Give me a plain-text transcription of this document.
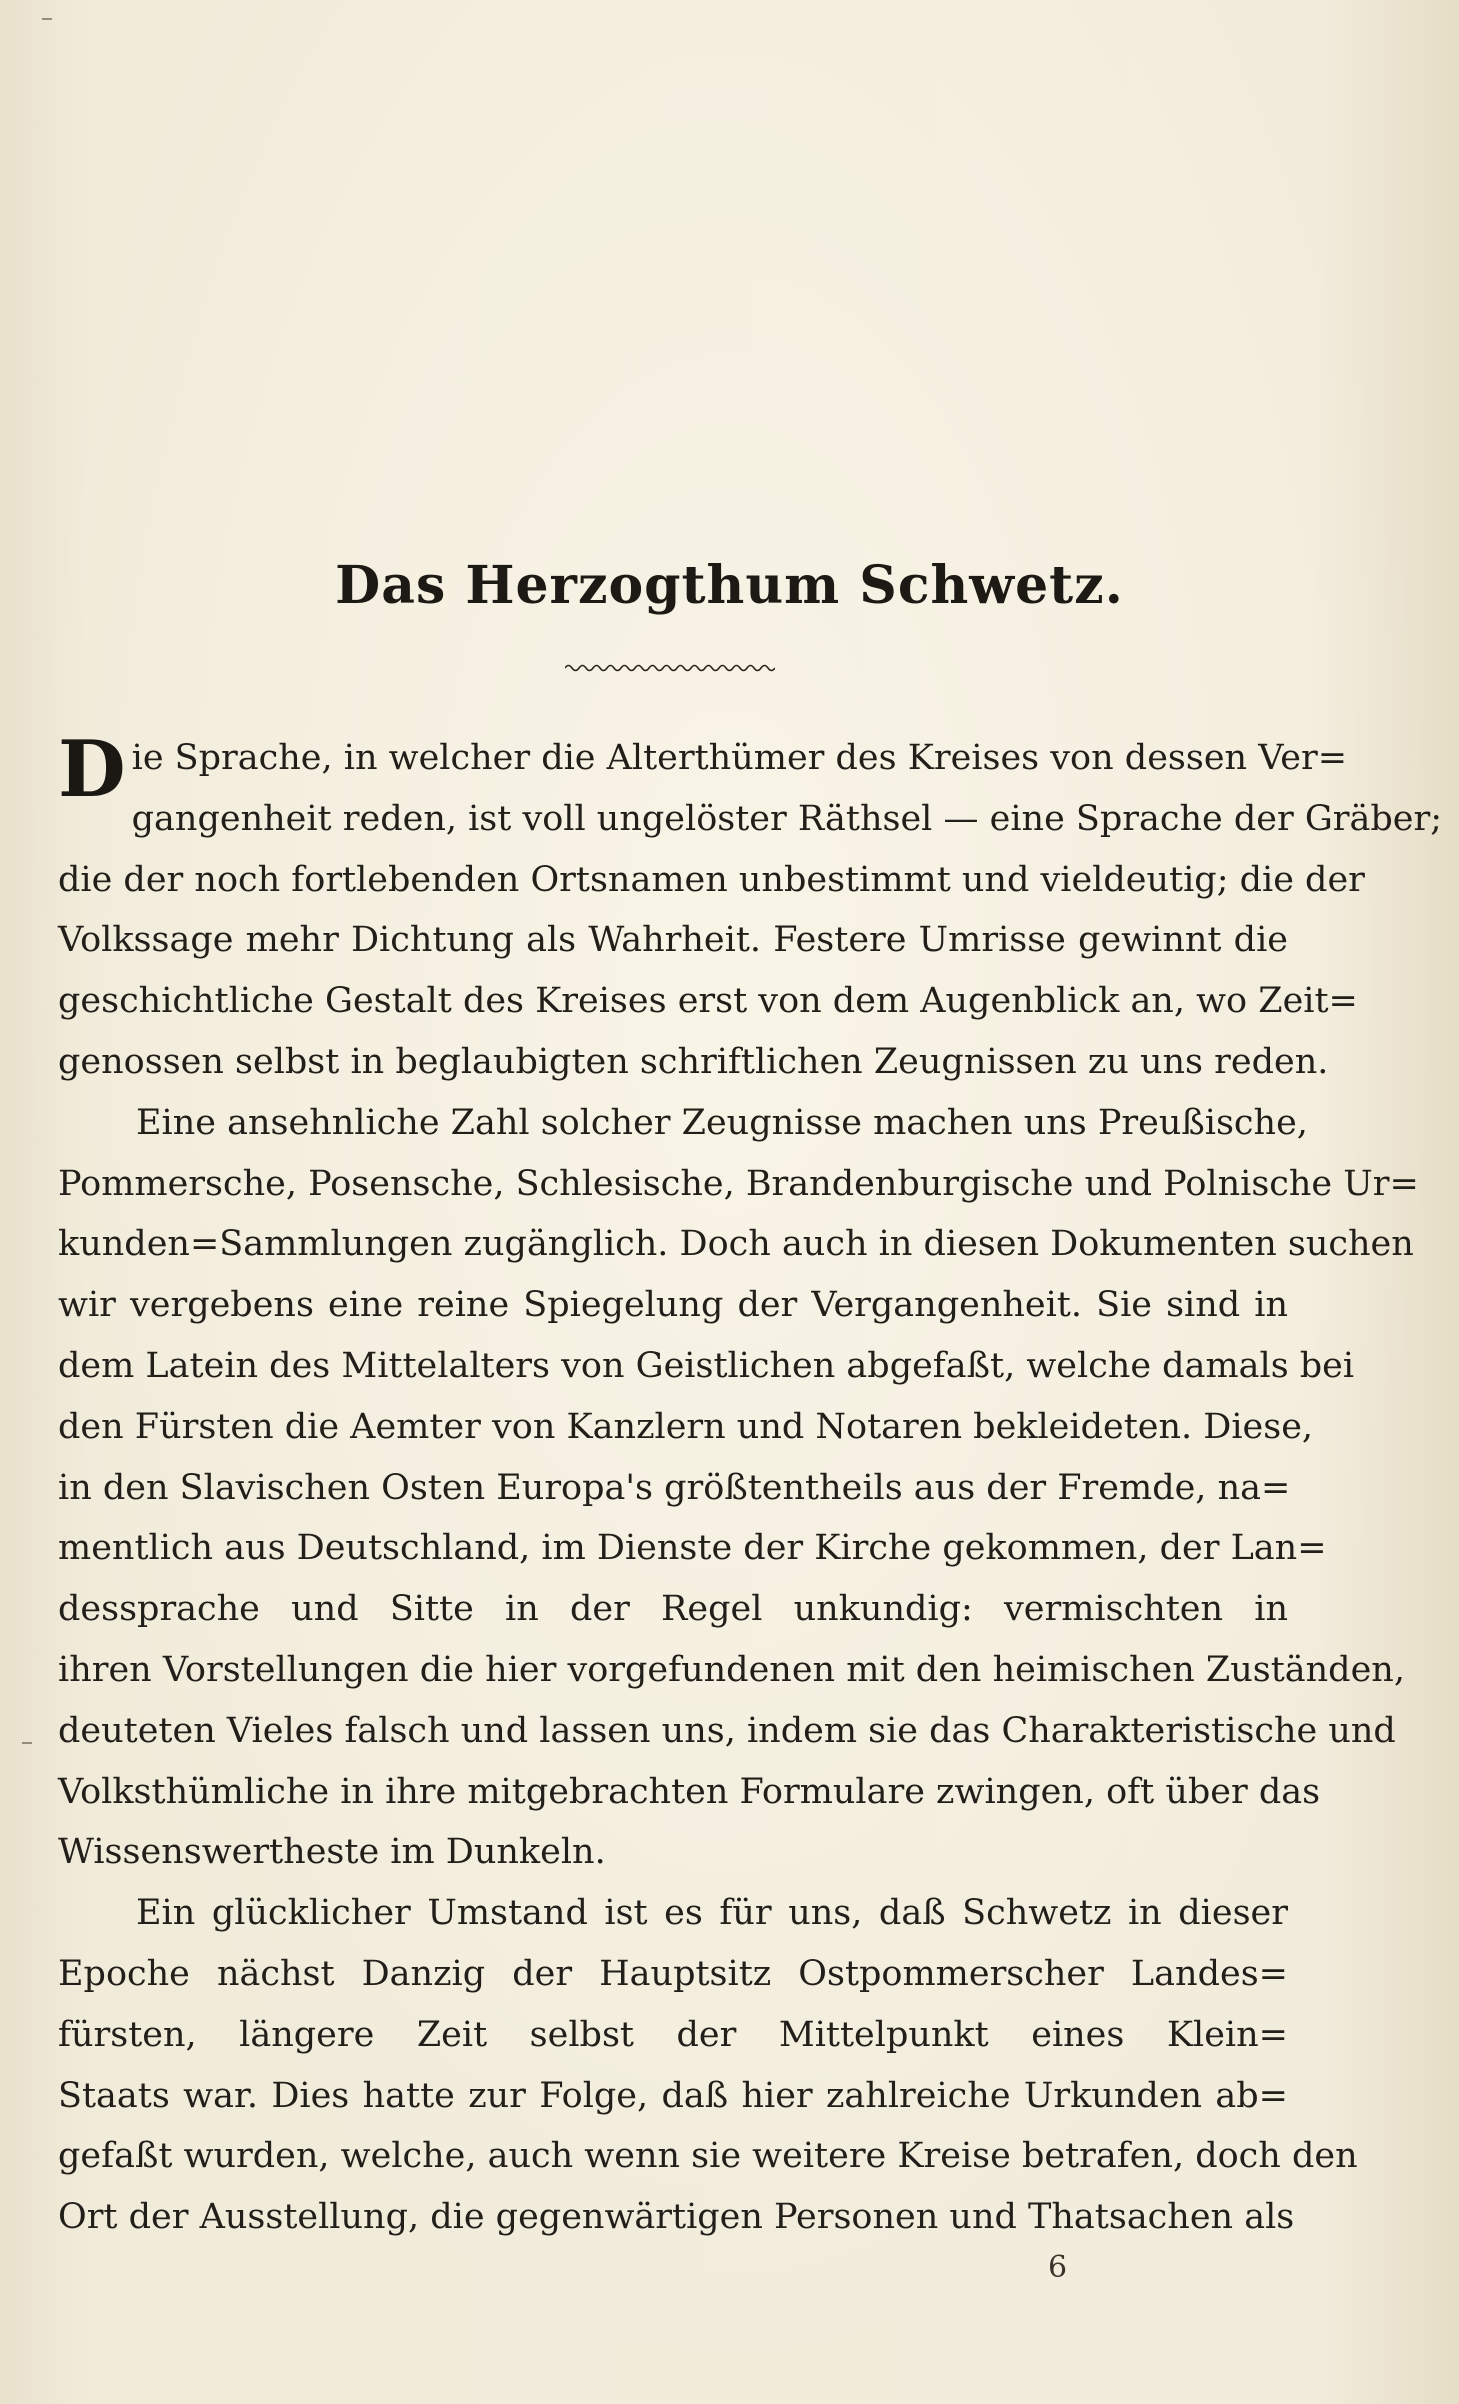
Das Herzogthum Schwetz.
D ie Sprache, in welcher die Alterthümer des Kreises von dessen Ver=
gangenheit reden, ist voll ungelöster Räthsel — eine Sprache der Gräber;
die der noch fortlebenden Ortsnamen unbestimmt und vieldeutig; die der
Volkssage mehr Dichtung als Wahrheit. Festere Umrisse gewinnt die
geschichtliche Gestalt des Kreises erst von dem Augenblick an, wo Zeit=
genossen selbst in beglaubigten schriftlichen Zeugnissen zu uns reden.
Eine ansehnliche Zahl solcher Zeugnisse machen uns Preußische,
Pommersche, Posensche, Schlesische, Brandenburgische und Polnische Ur=
kunden=Sammlungen zugänglich. Doch auch in diesen Dokumenten suchen
wir vergebens eine reine Spiegelung der Vergangenheit. Sie sind in
dem Latein des Mittelalters von Geistlichen abgefaßt, welche damals bei
den Fürsten die Aemter von Kanzlern und Notaren bekleideten. Diese,
in den Slavischen Osten Europa's größtentheils aus der Fremde, na=
mentlich aus Deutschland, im Dienste der Kirche gekommen, der Lan=
dessprache und Sitte in der Regel unkundig: vermischten in
ihren Vorstellungen die hier vorgefundenen mit den heimischen Zuständen,
deuteten Vieles falsch und lassen uns, indem sie das Charakteristische und
Volksthümliche in ihre mitgebrachten Formulare zwingen, oft über das
Wissenswertheste im Dunkeln.
Ein glücklicher Umstand ist es für uns, daß Schwetz in dieser
Epoche nächst Danzig der Hauptsitz Ostpommerscher Landes=
fürsten, längere Zeit selbst der Mittelpunkt eines Klein=
Staats war. Dies hatte zur Folge, daß hier zahlreiche Urkunden ab=
gefaßt wurden, welche, auch wenn sie weitere Kreise betrafen, doch den
Ort der Ausstellung, die gegenwärtigen Personen und Thatsachen als
6
